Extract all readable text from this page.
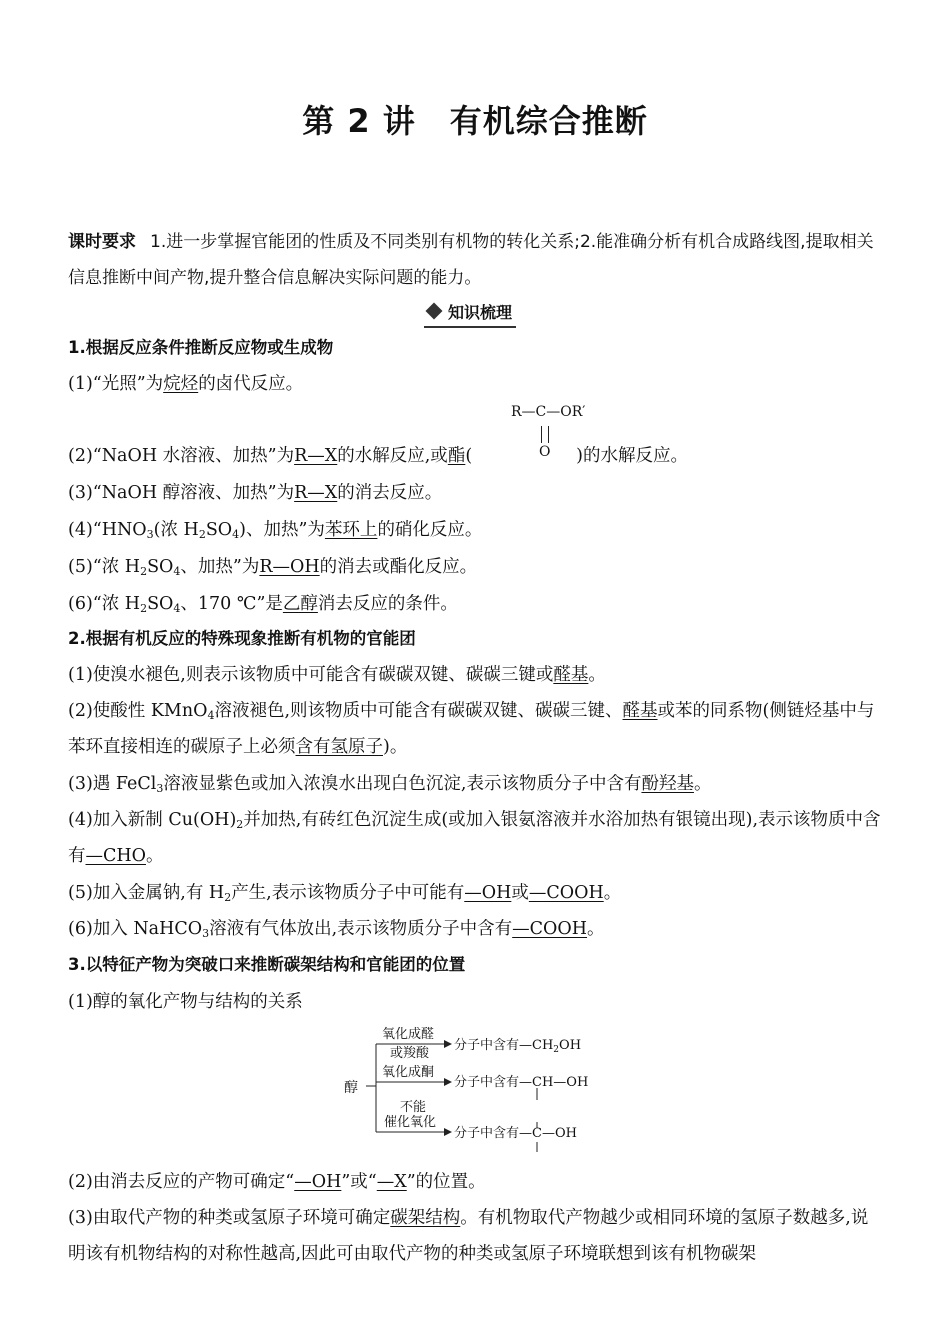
第 2 讲 有机综合推断
课时要求 1.进一步掌握官能团的性质及不同类别有机物的转化关系;2.能准确分析有机合成路线图,提取相关信息推断中间产物,提升整合信息解决实际问题的能力。
知识梳理
1.根据反应条件推断反应物或生成物
(1)“光照”为烷烃的卤代反应。
R—C—OR′
O
(2)“NaOH 水溶液、加热”为R—X的水解反应,或酯(	)的水解反应。
(3)“NaOH 醇溶液、加热”为R—X的消去反应。
$(4)“HNO_3$(浓 $H_2SO_4$)、加热”为苯环上的硝化反应。
(5)“浓 $H_2SO_4$、加热”为R—OH的消去或酯化反应。
(6)“浓 $H_2SO_4$、170 ℃”是乙醇消去反应的条件。
2.根据有机反应的特殊现象推断有机物的官能团
(1)使溴水褪色,则表示该物质中可能含有碳碳双键、碳碳三键或醛基。
(2)使酸性 KMnO$_4$溶液褪色,则该物质中可能含有碳碳双键、碳碳三键、醛基或苯的同系物(侧链烃基中与苯环直接相连的碳原子上必须含有氢原子)。
(3)遇 FeCl$_3$溶液显紫色或加入浓溴水出现白色沉淀,表示该物质分子中含有酚羟基。
(4)加入新制 $Cu(OH)_2$并加热,有砖红色沉淀生成(或加入银氨溶液并水浴加热有银镜出现),表示该物质中含有—CHO。
(5)加入金属钠,有 $H_2$产生,表示该物质分子中可能有—OH或—COOH。
(6)加入 NaHCO$_3$溶液有气体放出,表示该物质分子中含有—COOH。
3.以特征产物为突破口来推断碳架结构和官能团的位置
(1)醇的氧化产物与结构的关系
醇
氧化成醛
或羧酸
氧化成酮
不能
催化氧化
分子中含有$—CH_2OH$
分子中含有—CH—OH
分子中含有—C—OH
(2)由消去反应的产物可确定“—OH”或“—X”的位置。
(3)由取代产物的种类或氢原子环境可确定碳架结构。有机物取代产物越少或相同环境的氢原子数越多,说明该有机物结构的对称性越高,因此可由取代产物的种类或氢原子环境联想到该有机物碳架
